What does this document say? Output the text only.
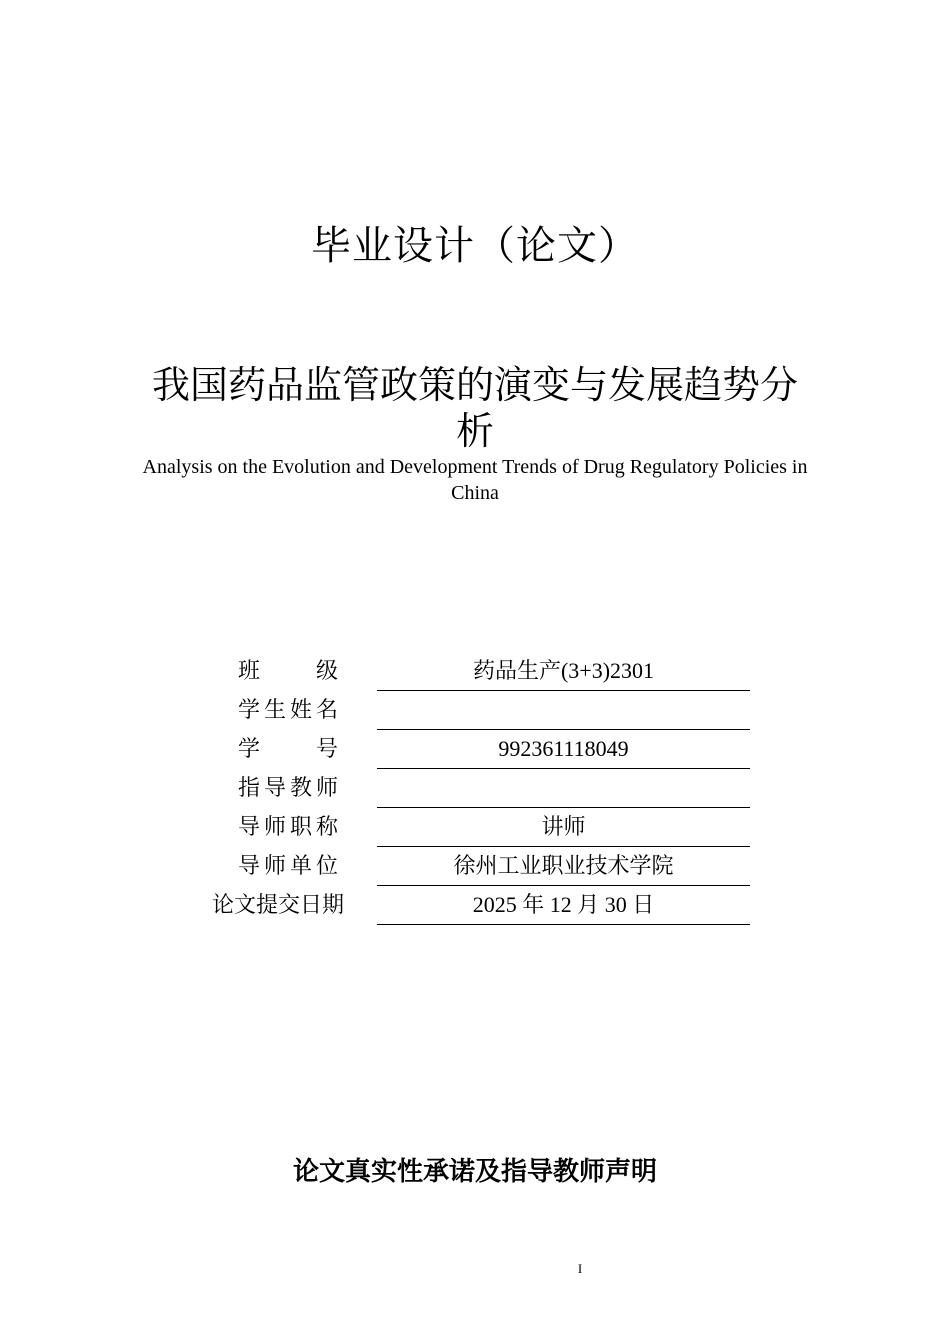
毕业设计（论文）
我国药品监管政策的演变与发展趋势分析
Analysis on the Evolution and Development Trends of Drug Regulatory Policies in China
班级	药品生产(3+3)2301
学生姓名
学号	992361118049
指导教师
导师职称	讲师
导师单位	徐州工业职业技术学院
论文提交日期	2025 年 12 月 30 日
论文真实性承诺及指导教师声明
I
